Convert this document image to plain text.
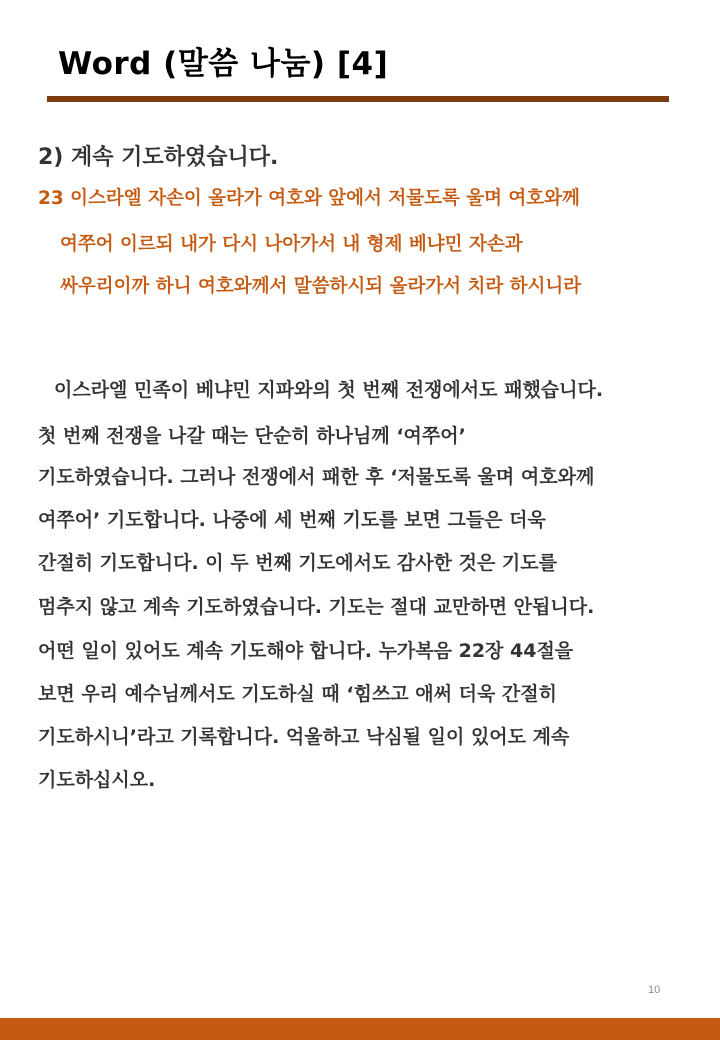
Word (말씀 나눔) [4]
2) 계속 기도하였습니다.
23 이스라엘 자손이 올라가 여호와 앞에서 저물도록 울며 여호와께
여쭈어 이르되 내가 다시 나아가서 내 형제 베냐민 자손과
싸우리이까 하니 여호와께서 말씀하시되 올라가서 치라 하시니라
이스라엘 민족이 베냐민 지파와의 첫 번째 전쟁에서도 패했습니다.
첫 번째 전쟁을 나갈 때는 단순히 하나님께 ‘여쭈어’
기도하였습니다. 그러나 전쟁에서 패한 후 ‘저물도록 울며 여호와께
여쭈어’ 기도합니다. 나중에 세 번째 기도를 보면 그들은 더욱
간절히 기도합니다. 이 두 번째 기도에서도 감사한 것은 기도를
멈추지 않고 계속 기도하였습니다. 기도는 절대 교만하면 안됩니다.
어떤 일이 있어도 계속 기도해야 합니다. 누가복음 22장 44절을
보면 우리 예수님께서도 기도하실 때 ‘힘쓰고 애써 더욱 간절히
기도하시니’라고 기록합니다. 억울하고 낙심될 일이 있어도 계속
기도하십시오.
10
